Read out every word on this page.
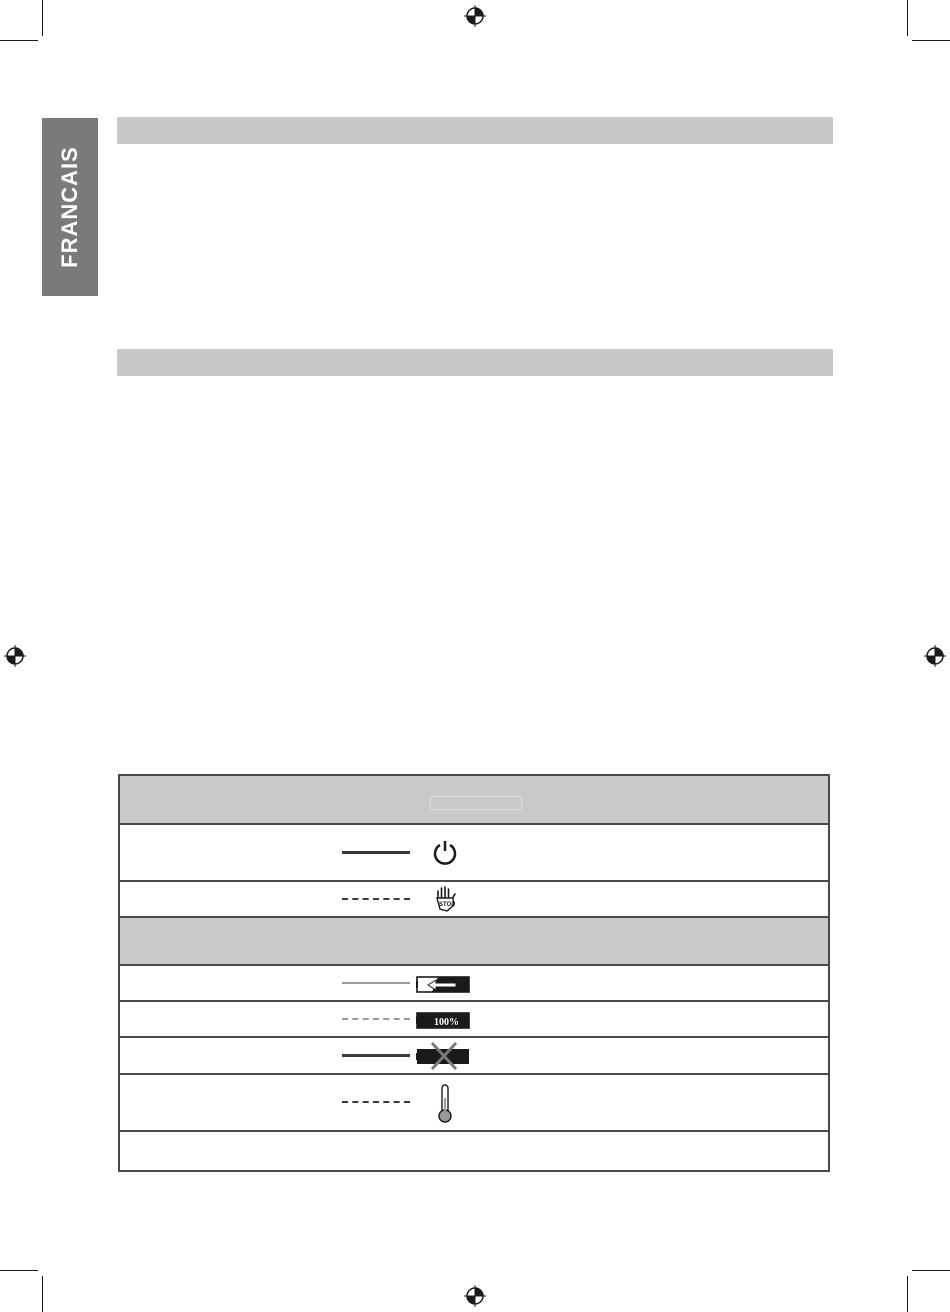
FRANCAIS
STOP
100%
